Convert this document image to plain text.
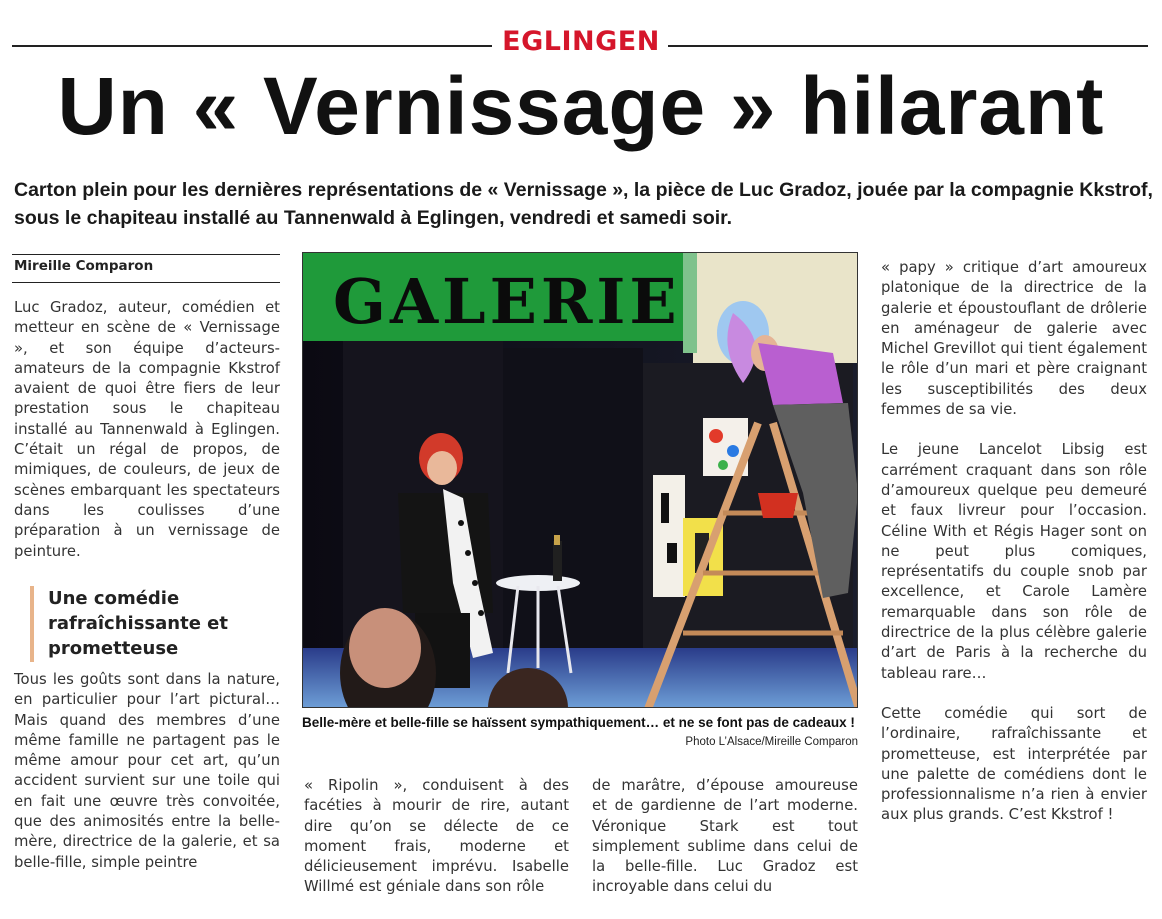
EGLINGEN
Un « Vernissage » hilarant

Carton plein pour les dernières représentations de « Vernissage », la pièce de Luc Gradoz, jouée par la compagnie Kkstrof, sous le chapiteau installé au Tannenwald à Eglingen, vendredi et samedi soir.

Mireille Comparon

Luc Gradoz, auteur, comédien et metteur en scène de « Vernissage », et son équipe d’acteurs-amateurs de la compagnie Kkstrof avaient de quoi être fiers de leur prestation sous le chapiteau installé au Tannenwald à Eglingen. C’était un régal de propos, de mimiques, de couleurs, de jeux de scènes embarquant les spectateurs dans les coulisses d’une préparation à un vernissage de peinture.

Une comédie rafraîchissante et prometteuse

Tous les goûts sont dans la nature, en particulier pour l’art pictural… Mais quand des membres d’une même famille ne partagent pas le même amour pour cet art, qu’un accident survient sur une toile qui en fait une œuvre très convoitée, que des animosités entre la belle-mère, directrice de la galerie, et sa belle-fille, simple peintre

GALERIE

Belle-mère et belle-fille se haïssent sympathiquement… et ne se font pas de cadeaux !

Photo L’Alsace/Mireille Comparon

« Ripolin », conduisent à des facéties à mourir de rire, autant dire qu’on se délecte de ce moment frais, moderne et délicieusement imprévu. Isabelle Willmé est géniale dans son rôle

de marâtre, d’épouse amoureuse et de gardienne de l’art moderne. Véronique Stark est tout simplement sublime dans celui de la belle-fille. Luc Gradoz est incroyable dans celui du

« papy » critique d’art amoureux platonique de la directrice de la galerie et époustouflant de drôlerie en aménageur de galerie avec Michel Grevillot qui tient également le rôle d’un mari et père craignant les susceptibilités des deux femmes de sa vie.

Le jeune Lancelot Libsig est carrément craquant dans son rôle d’amoureux quelque peu demeuré et faux livreur pour l’occasion. Céline With et Régis Hager sont on ne peut plus comiques, représentatifs du couple snob par excellence, et Carole Lamère remarquable dans son rôle de directrice de la plus célèbre galerie d’art de Paris à la recherche du tableau rare…

Cette comédie qui sort de l’ordinaire, rafraîchissante et prometteuse, est interprétée par une palette de comédiens dont le professionnalisme n’a rien à envier aux plus grands. C’est Kkstrof !
